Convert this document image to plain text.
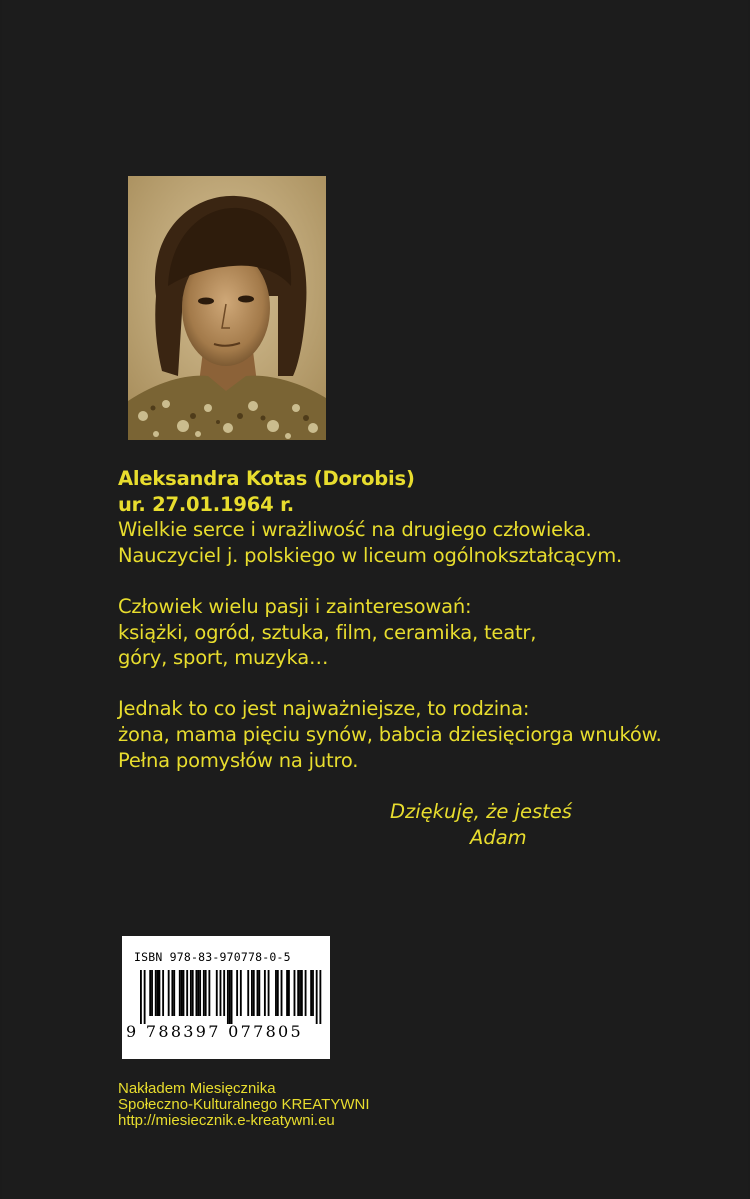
Aleksandra Kotas (Dorobis)
ur. 27.01.1964 r.
Wielkie serce i wrażliwość na drugiego człowieka.
Nauczyciel j. polskiego w liceum ogólnokształcącym.
Człowiek wielu pasji i zainteresowań:
książki, ogród, sztuka, film, ceramika, teatr,
góry, sport, muzyka…
Jednak to co jest najważniejsze, to rodzina:
żona, mama pięciu synów, babcia dziesięciorga wnuków.
Pełna pomysłów na jutro.
Dziękuję, że jesteś
Adam
ISBN 978-83-970778-0-5
9 788397 077805
Nakładem Miesięcznika
Społeczno-Kulturalnego KREATYWNI
http://miesiecznik.e-kreatywni.eu
